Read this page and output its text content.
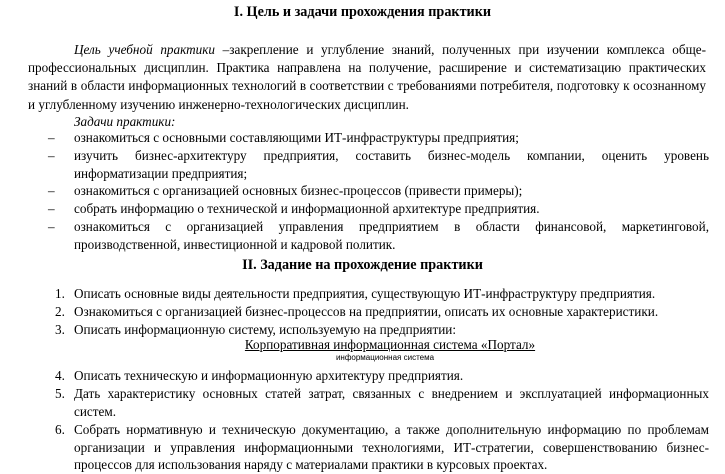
I. Цель и задачи прохождения практики

Цель учебной практики –закрепление и углубление знаний, полученных при изучении комплекса обще-профессиональных дисциплин. Практика направлена на получение, расширение и систематизацию практических знаний в области информационных технологий в соответствии с требованиями потребителя, подготовку к осознанному и углубленному изучению инженерно-технологических дисциплин.

Задачи практики:
– ознакомиться с основными составляющими ИТ-инфраструктуры предприятия;
– изучить бизнес-архитектуру предприятия, составить бизнес-модель компании, оценить уровень информатизации предприятия;
– ознакомиться с организацией основных бизнес-процессов (привести примеры);
– собрать информацию о технической и информационной архитектуре предприятия.
– ознакомиться с организацией управления предприятием в области финансовой, маркетинговой, производственной, инвестиционной и кадровой политик.
II. Задание на прохождение практики
1. Описать основные виды деятельности предприятия, существующую ИТ-инфраструктуру предприятия.
2. Ознакомиться с организацией бизнес-процессов на предприятии, описать их основные характеристики.
3. Описать информационную систему, используемую на предприятии:
Корпоративная информационная система «Портал»
информационная система
4. Описать техническую и информационную архитектуру предприятия.
5. Дать характеристику основных статей затрат, связанных с внедрением и эксплуатацией информационных систем.
6. Собрать нормативную и техническую документацию, а также дополнительную информацию по проблемам организации и управления информационными технологиями, ИТ-стратегии, совершенствованию бизнес-процессов для использования наряду с материалами практики в курсовых проектах.
